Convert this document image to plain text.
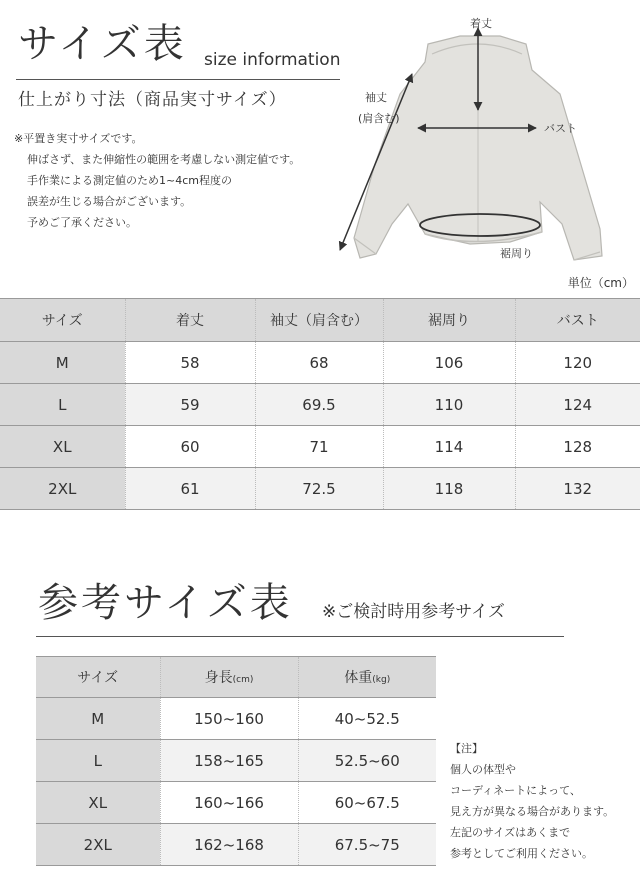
サイズ表 size information
仕上がり寸法（商品実寸サイズ）
※平置き実寸サイズです。
伸ばさず、また伸縮性の範囲を考慮しない測定値です。
手作業による測定値のため1~4cm程度の
誤差が生じる場合がございます。
予めご了承ください。
着丈
袖丈
(肩含む)
バスト
裾周り
単位（cm）
サイズ	着丈	袖丈（肩含む）	裾周り	バスト
M	58	68	106	120
L	59	69.5	110	124
XL	60	71	114	128
2XL	61	72.5	118	132
参考サイズ表 ※ご検討時用参考サイズ
サイズ	身長(cm)	体重(kg)
M	150~160	40~52.5
L	158~165	52.5~60
XL	160~166	60~67.5
2XL	162~168	67.5~75
【注】
個人の体型や
コーディネートによって、
見え方が異なる場合があります。
左記のサイズはあくまで
参考としてご利用ください。
